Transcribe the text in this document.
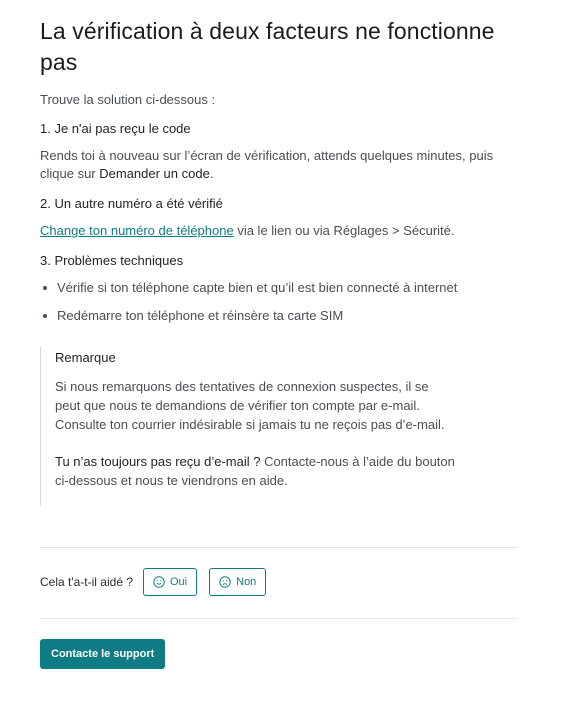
La vérification à deux facteurs ne fonctionne pas
Trouve la solution ci-dessous :
1. Je n'ai pas reçu le code
Rends toi à nouveau sur l’écran de vérification, attends quelques minutes, puis clique sur Demander un code.
2. Un autre numéro a été vérifié
Change ton numéro de téléphone via le lien ou via Réglages > Sécurité.
3. Problèmes techniques
Vérifie si ton téléphone capte bien et qu’il est bien connecté à internet
Redémarre ton téléphone et réinsère ta carte SIM
Remarque
Si nous remarquons des tentatives de connexion suspectes, il se peut que nous te demandions de vérifier ton compte par e-mail. Consulte ton courrier indésirable si jamais tu ne reçois pas d’e-mail.
Tu n’as toujours pas reçu d’e-mail ? Contacte-nous à l’aide du bouton ci-dessous et nous te viendrons en aide.
Cela t'a-t-il aidé ?	Oui	Non
Contacte le support
